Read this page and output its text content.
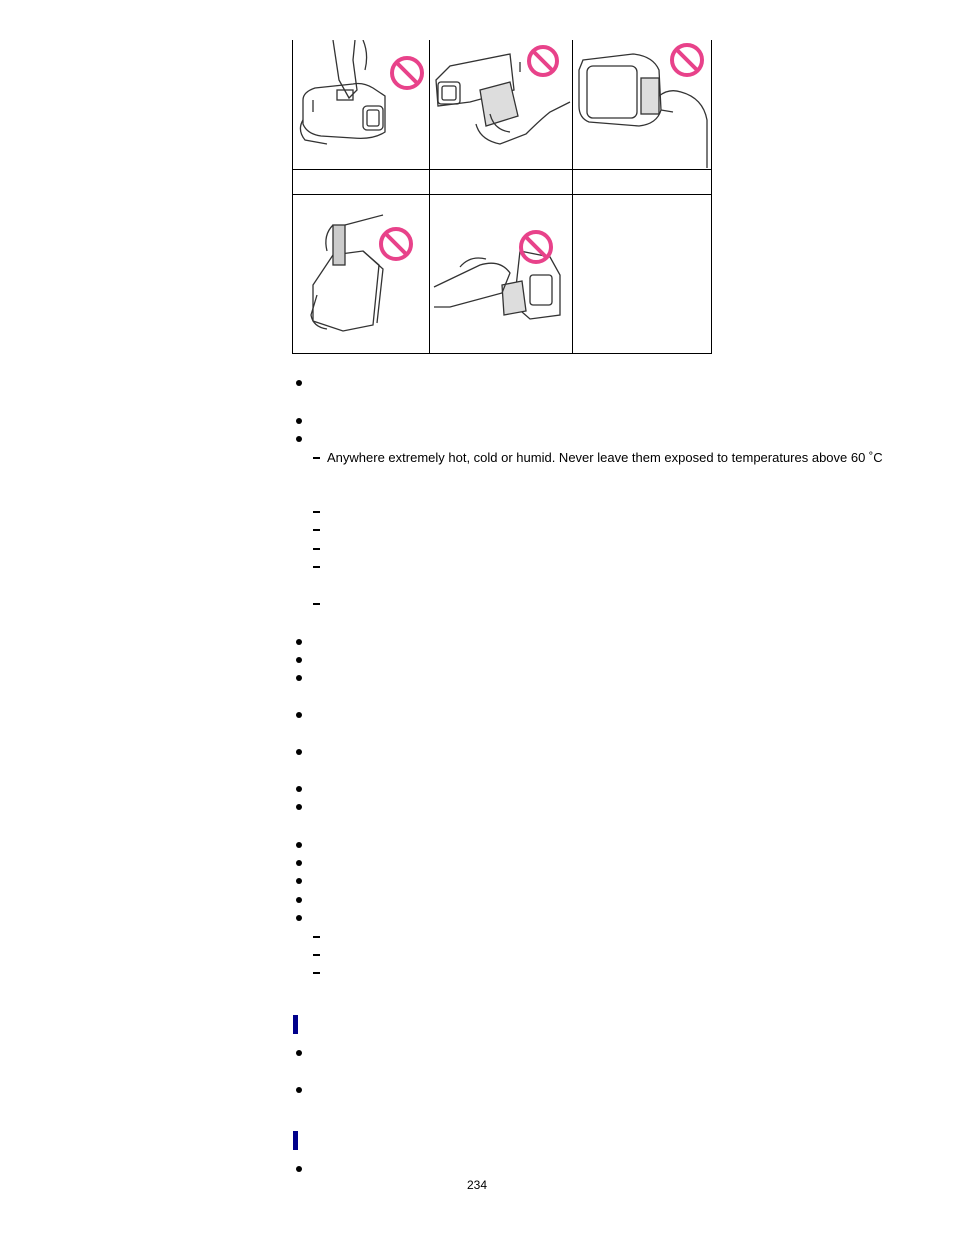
Anywhere extremely hot, cold or humid. Never leave them exposed to temperatures above 60 ˚C
234
